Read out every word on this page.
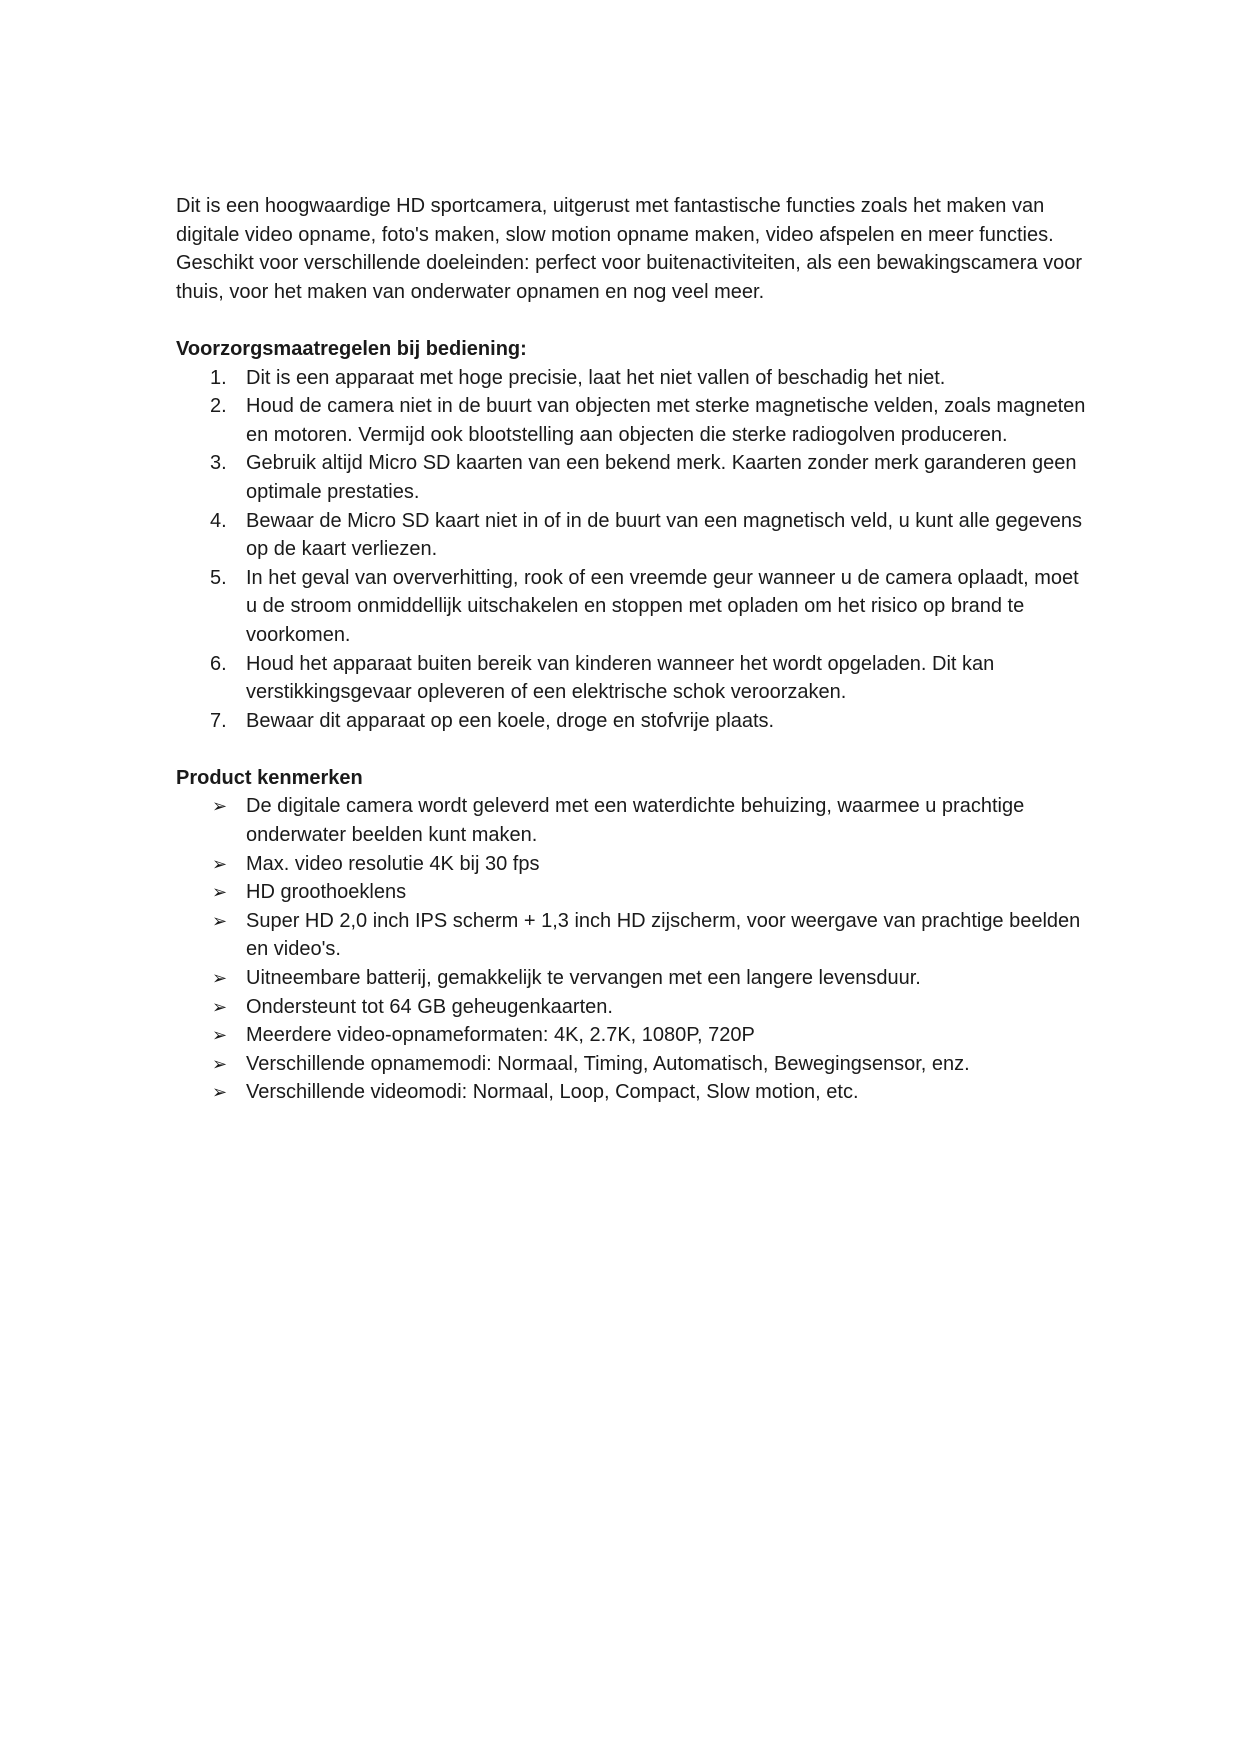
Dit is een hoogwaardige HD sportcamera, uitgerust met fantastische functies zoals het maken van digitale video opname, foto's maken, slow motion opname maken, video afspelen en meer functies. Geschikt voor verschillende doeleinden: perfect voor buitenactiviteiten, als een bewakingscamera voor thuis, voor het maken van onderwater opnamen en nog veel meer.

Voorzorgsmaatregelen bij bediening:

1. Dit is een apparaat met hoge precisie, laat het niet vallen of beschadig het niet.
2. Houd de camera niet in de buurt van objecten met sterke magnetische velden, zoals magneten en motoren. Vermijd ook blootstelling aan objecten die sterke radiogolven produceren.
3. Gebruik altijd Micro SD kaarten van een bekend merk. Kaarten zonder merk garanderen geen optimale prestaties.
4. Bewaar de Micro SD kaart niet in of in de buurt van een magnetisch veld, u kunt alle gegevens op de kaart verliezen.
5. In het geval van oververhitting, rook of een vreemde geur wanneer u de camera oplaadt, moet u de stroom onmiddellijk uitschakelen en stoppen met opladen om het risico op brand te voorkomen.
6. Houd het apparaat buiten bereik van kinderen wanneer het wordt opgeladen. Dit kan verstikkingsgevaar opleveren of een elektrische schok veroorzaken.
7. Bewaar dit apparaat op een koele, droge en stofvrije plaats.

Product kenmerken

➢ De digitale camera wordt geleverd met een waterdichte behuizing, waarmee u prachtige onderwater beelden kunt maken.
➢ Max. video resolutie 4K bij 30 fps
➢ HD groothoeklens
➢ Super HD 2,0 inch IPS scherm + 1,3 inch HD zijscherm, voor weergave van prachtige beelden en video's.
➢ Uitneembare batterij, gemakkelijk te vervangen met een langere levensduur.
➢ Ondersteunt tot 64 GB geheugenkaarten.
➢ Meerdere video-opnameformaten: 4K, 2.7K, 1080P, 720P
➢ Verschillende opnamemodi: Normaal, Timing, Automatisch, Bewegingsensor, enz.
➢ Verschillende videomodi: Normaal, Loop, Compact, Slow motion, etc.
